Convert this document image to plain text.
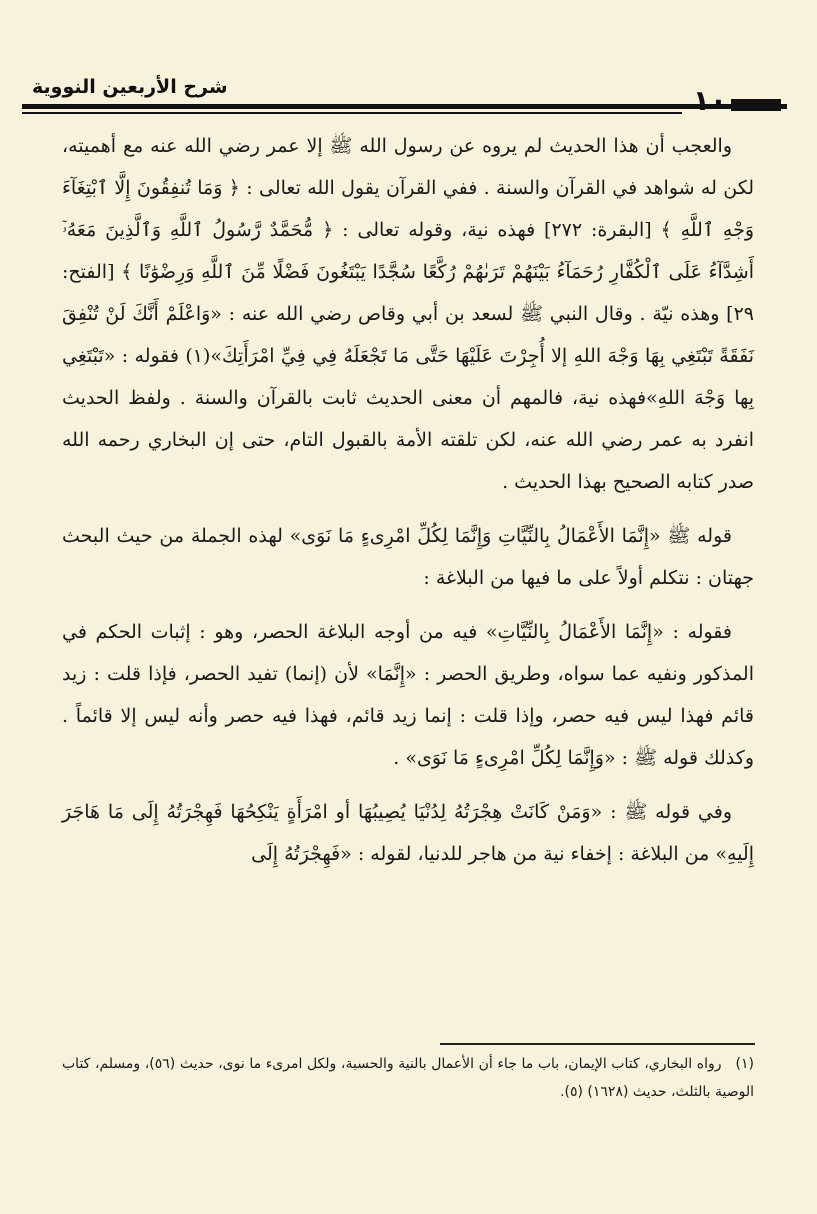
شرح الأربعين النووية	١٠

والعجب أن هذا الحديث لم يروه عن رسول الله ﷺ إلا عمر رضي الله عنه مع أهميته، لكن له شواهد في القرآن والسنة . ففي القرآن يقول الله تعالى : ﴿ وَمَا تُنفِقُونَ إِلَّا ٱبْتِغَآءَ وَجْهِ ٱللَّهِ ﴾ [البقرة: ٢٧٢] فهذه نية، وقوله تعالى : ﴿ مُّحَمَّدٌ رَّسُولُ ٱللَّهِ وَٱلَّذِينَ مَعَهُۥٓ أَشِدَّآءُ عَلَى ٱلْكُفَّارِ رُحَمَآءُ بَيْنَهُمْ تَرَىٰهُمْ رُكَّعًا سُجَّدًا يَبْتَغُونَ فَضْلًا مِّنَ ٱللَّهِ وَرِضْوَٰنًا ﴾ [الفتح: ٢٩] وهذه نيّة . وقال النبي ﷺ لسعد بن أبي وقاص رضي الله عنه : «وَاعْلَمْ أَنَّكَ لَنْ تُنْفِقَ نَفَقَةً تَبْتَغِي بِهَا وَجْهَ اللهِ إلا أُجِرْتَ عَلَيْهَا حَتَّى مَا تَجْعَلَهُ فِي فِيِّ امْرَأَتِكَ»(١) فقوله : «تَبْتَغِي بِها وَجْهَ اللهِ»فهذه نية، فالمهم أن معنى الحديث ثابت بالقرآن والسنة . ولفظ الحديث انفرد به عمر رضي الله عنه، لكن تلقته الأمة بالقبول التام، حتى إن البخاري رحمه الله صدر كتابه الصحيح بهذا الحديث .

قوله ﷺ «إِنَّمَا الأَعْمَالُ بِالنِّيَّاتِ وَإِنَّمَا لِكُلِّ امْرِىءٍ مَا نَوَى» لهذه الجملة من حيث البحث جهتان : نتكلم أولاً على ما فيها من البلاغة :

فقوله : «إِنَّمَا الأَعْمَالُ بِالنِّيَّاتِ» فيه من أوجه البلاغة الحصر، وهو : إثبات الحكم في المذكور ونفيه عما سواه، وطريق الحصر : «إِنَّمَا» لأن (إنما) تفيد الحصر، فإذا قلت : زيد قائم فهذا ليس فيه حصر، وإذا قلت : إنما زيد قائم، فهذا فيه حصر وأنه ليس إلا قائماً . وكذلك قوله ﷺ : «وَإِنَّمَا لِكُلِّ امْرِىءٍ مَا نَوَى» .

وفي قوله ﷺ : «وَمَنْ كَانَتْ هِجْرَتُهُ لِدُنْيَا يُصِيبُهَا أو امْرَأَةٍ يَنْكِحُهَا فَهِجْرَتُهُ إِلَى مَا هَاجَرَ إِلَيهِ» من البلاغة : إخفاء نية من هاجر للدنيا، لقوله : «فَهِجْرَتُهُ إِلَى

(١)رواه البخاري، كتاب الإيمان، باب ما جاء أن الأعمال بالنية والحسبة، ولكل امرىء ما نوى، حديث (٥٦)، ومسلم، كتاب الوصية بالثلث، حديث (١٦٢٨) (٥).
